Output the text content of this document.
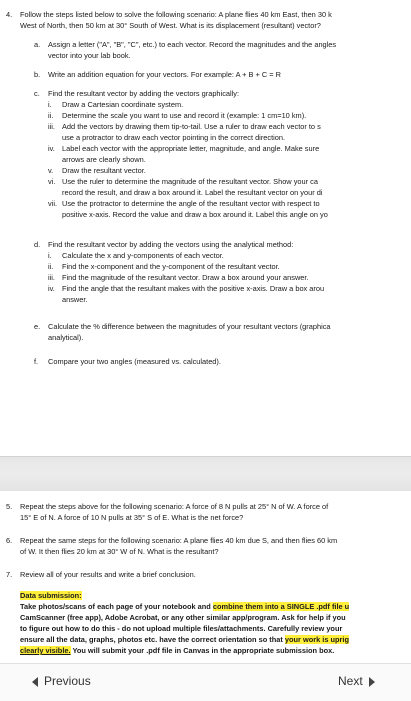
4. Follow the steps listed below to solve the following scenario: A plane flies 40 km East, then 30 k
West of North, then 50 km at 30° South of West. What is its displacement (resultant) vector?
a. Assign a letter ("A", "B", "C", etc.) to each vector. Record the magnitudes and the angles
vector into your lab book.
b. Write an addition equation for your vectors. For example: A + B + C = R
c. Find the resultant vector by adding the vectors graphically:
i. Draw a Cartesian coordinate system.
ii. Determine the scale you want to use and record it (example: 1 cm=10 km).
iii. Add the vectors by drawing them tip-to-tail. Use a ruler to draw each vector to s
use a protractor to draw each vector pointing in the correct direction.
iv. Label each vector with the appropriate letter, magnitude, and angle. Make sure
arrows are clearly shown.
v. Draw the resultant vector.
vi. Use the ruler to determine the magnitude of the resultant vector. Show your ca
record the result, and draw a box around it. Label the resultant vector on your di
vii. Use the protractor to determine the angle of the resultant vector with respect to
positive x-axis. Record the value and draw a box around it. Label this angle on yo
d. Find the resultant vector by adding the vectors using the analytical method:
i. Calculate the x and y-components of each vector.
ii. Find the x-component and the y-component of the resultant vector.
iii. Find the magnitude of the resultant vector. Draw a box around your answer.
iv. Find the angle that the resultant makes with the positive x-axis. Draw a box arou
answer.
e. Calculate the % difference between the magnitudes of your resultant vectors (graphica
analytical).
f. Compare your two angles (measured vs. calculated).
5. Repeat the steps above for the following scenario: A force of 8 N pulls at 25° N of W. A force of
15° E of N. A force of 10 N pulls at 35° S of E. What is the net force?
6. Repeat the same steps for the following scenario: A plane flies 40 km due S, and then flies 60 km
of W. It then flies 20 km at 30° W of N. What is the resultant?
7. Review all of your results and write a brief conclusion.
Data submission:
Take photos/scans of each page of your notebook and combine them into a SINGLE .pdf file u
CamScanner (free app), Adobe Acrobat, or any other similar app/program. Ask for help if you
to figure out how to do this - do not upload multiple files/attachments. Carefully review your
ensure all the data, graphs, photos etc. have the correct orientation so that your work is uprig
clearly visible. You will submit your .pdf file in Canvas in the appropriate submission box.
Previous	Next
